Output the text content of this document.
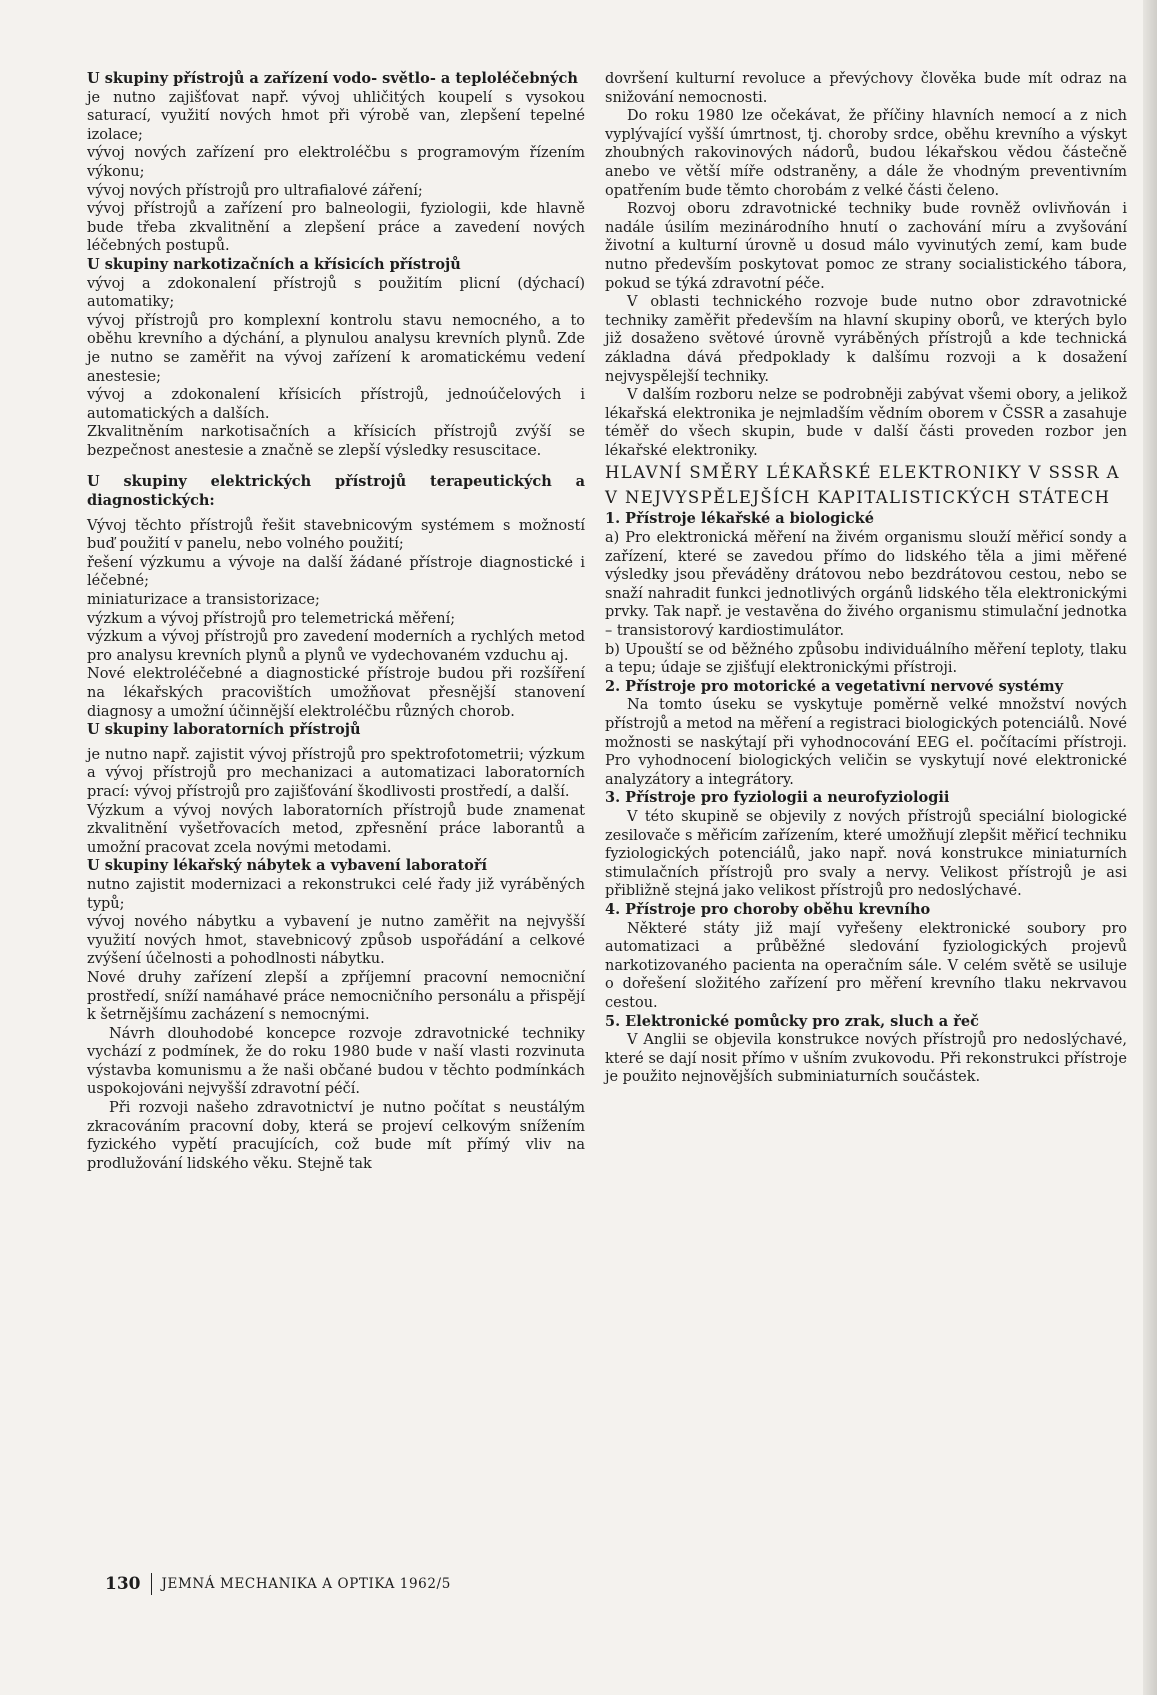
U skupiny přístrojů a zařízení vodo- světlo- a teploléčebných

je nutno zajišťovat např. vývoj uhličitých koupelí s vysokou saturací, využití nových hmot při výrobě van, zlepšení tepelné izolace;

vývoj nových zařízení pro elektroléčbu s programovým řízením výkonu;

vývoj nových přístrojů pro ultrafialové záření;

vývoj přístrojů a zařízení pro balneologii, fyziologii, kde hlavně bude třeba zkvalitnění a zlepšení práce a zavedení nových léčebných postupů.

U skupiny narkotizačních a křísicích přístrojů

vývoj a zdokonalení přístrojů s použitím plicní (dýchací) automatiky;

vývoj přístrojů pro komplexní kontrolu stavu nemocného, a to oběhu krevního a dýchání, a plynulou analysu krevních plynů. Zde je nutno se zaměřit na vývoj zařízení k aromatickému vedení anestesie;

vývoj a zdokonalení křísicích přístrojů, jednoúčelových i automatických a dalších.

Zkvalitněním narkotisačních a křísicích přístrojů zvýší se bezpečnost anestesie a značně se zlepší výsledky resuscitace.

U skupiny elektrických přístrojů terapeutických a diagnostických:

Vývoj těchto přístrojů řešit stavebnicovým systémem s možností buď použití v panelu, nebo volného použití;

řešení výzkumu a vývoje na další žádané přístroje diagnostické i léčebné;

miniaturizace a transistorizace;

výzkum a vývoj přístrojů pro telemetrická měření;

výzkum a vývoj přístrojů pro zavedení moderních a rychlých metod pro analysu krevních plynů a plynů ve vydechovaném vzduchu aj.

Nové elektroléčebné a diagnostické přístroje budou při rozšíření na lékařských pracovištích umožňovat přesnější stanovení diagnosy a umožní účinnější elektroléčbu různých chorob.

U skupiny laboratorních přístrojů

je nutno např. zajistit vývoj přístrojů pro spektrofotometrii; výzkum a vývoj přístrojů pro mechanizaci a automatizaci laboratorních prací: vývoj přístrojů pro zajišťování škodlivosti prostředí, a další.

Výzkum a vývoj nových laboratorních přístrojů bude znamenat zkvalitnění vyšetřovacích metod, zpřesnění práce laborantů a umožní pracovat zcela novými metodami.

U skupiny lékařský nábytek a vybavení laboratoří

nutno zajistit modernizaci a rekonstrukci celé řady již vyráběných typů;

vývoj nového nábytku a vybavení je nutno zaměřit na nejvyšší využití nových hmot, stavebnicový způsob uspořádání a celkové zvýšení účelnosti a pohodlnosti nábytku.

Nové druhy zařízení zlepší a zpříjemní pracovní nemocniční prostředí, sníží namáhavé práce nemocničního personálu a přispějí k šetrnějšímu zacházení s nemocnými.

Návrh dlouhodobé koncepce rozvoje zdravotnické techniky vychází z podmínek, že do roku 1980 bude v naší vlasti rozvinuta výstavba komunismu a že naši občané budou v těchto podmínkách uspokojováni nejvyšší zdravotní péčí.

Při rozvoji našeho zdravotnictví je nutno počítat s neustálým zkracováním pracovní doby, která se projeví celkovým snížením fyzického vypětí pracujících, což bude mít přímý vliv na prodlužování lidského věku. Stejně tak

dovršení kulturní revoluce a převýchovy člověka bude mít odraz na snižování nemocnosti.

Do roku 1980 lze očekávat, že příčiny hlavních nemocí a z nich vyplývající vyšší úmrtnost, tj. choroby srdce, oběhu krevního a výskyt zhoubných rakovinových nádorů, budou lékařskou vědou částečně anebo ve větší míře odstraněny, a dále že vhodným preventivním opatřením bude těmto chorobám z velké části čeleno.

Rozvoj oboru zdravotnické techniky bude rovněž ovlivňován i nadále úsilím mezinárodního hnutí o zachování míru a zvyšování životní a kulturní úrovně u dosud málo vyvinutých zemí, kam bude nutno především poskytovat pomoc ze strany socialistického tábora, pokud se týká zdravotní péče.

V oblasti technického rozvoje bude nutno obor zdravotnické techniky zaměřit především na hlavní skupiny oborů, ve kterých bylo již dosaženo světové úrovně vyráběných přístrojů a kde technická základna dává předpoklady k dalšímu rozvoji a k dosažení nejvyspělejší techniky.

V dalším rozboru nelze se podrobněji zabývat všemi obory, a jelikož lékařská elektronika je nejmladším vědním oborem v ČSSR a zasahuje téměř do všech skupin, bude v další části proveden rozbor jen lékařské elektroniky.

HLAVNÍ SMĚRY LÉKAŘSKÉ ELEKTRONIKY V SSSR A V NEJVYSPĚLEJŠÍCH KAPITALISTICKÝCH STÁTECH

1. Přístroje lékařské a biologické

a) Pro elektronická měření na živém organismu slouží měřicí sondy a zařízení, které se zavedou přímo do lidského těla a jimi měřené výsledky jsou převáděny drátovou nebo bezdrátovou cestou, nebo se snaží nahradit funkci jednotlivých orgánů lidského těla elektronickými prvky. Tak např. je vestavěna do živého organismu stimulační jednotka – transistorový kardiostimulátor.

b) Upouští se od běžného způsobu individuálního měření teploty, tlaku a tepu; údaje se zjišťují elektronickými přístroji.

2. Přístroje pro motorické a vegetativní nervové systémy

Na tomto úseku se vyskytuje poměrně velké množství nových přístrojů a metod na měření a registraci biologických potenciálů. Nové možnosti se naskýtají při vyhodnocování EEG el. počítacími přístroji. Pro vyhodnocení biologických veličin se vyskytují nové elektronické analyzátory a integrátory.

3. Přístroje pro fyziologii a neurofyziologii

V této skupině se objevily z nových přístrojů speciální biologické zesilovače s měřicím zařízením, které umožňují zlepšit měřicí techniku fyziologických potenciálů, jako např. nová konstrukce miniaturních stimulačních přístrojů pro svaly a nervy. Velikost přístrojů je asi přibližně stejná jako velikost přístrojů pro nedoslýchavé.

4. Přístroje pro choroby oběhu krevního

Některé státy již mají vyřešeny elektronické soubory pro automatizaci a průběžné sledování fyziologických projevů narkotizovaného pacienta na operačním sále. V celém světě se usiluje o dořešení složitého zařízení pro měření krevního tlaku nekrvavou cestou.

5. Elektronické pomůcky pro zrak, sluch a řeč

V Anglii se objevila konstrukce nových přístrojů pro nedoslýchavé, které se dají nosit přímo v ušním zvukovodu. Při rekonstrukci přístroje je použito nejnovějších subminiaturních součástek.

130 JEMNÁ MECHANIKA A OPTIKA 1962/5
